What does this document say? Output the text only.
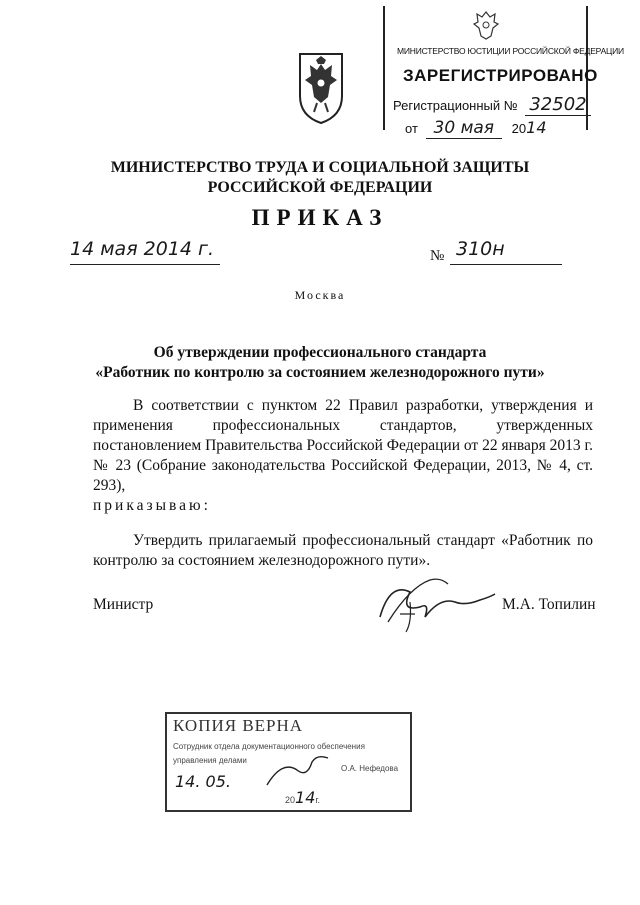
МИНИСТЕРСТВО ЮСТИЦИИ РОССИЙСКОЙ ФЕДЕРАЦИИ
ЗАРЕГИСТРИРОВАНО
Регистрационный № 32502
от 30 мая 2014
МИНИСТЕРСТВО ТРУДА И СОЦИАЛЬНОЙ ЗАЩИТЫ
РОССИЙСКОЙ ФЕДЕРАЦИИ
ПРИКАЗ
14 мая 2014 г.	№ 310н
Москва
Об утверждении профессионального стандарта
«Работник по контролю за состоянием железнодорожного пути»

В соответствии с пунктом 22 Правил разработки, утверждения и применения профессиональных стандартов, утвержденных постановлением Правительства Российской Федерации от 22 января 2013 г. № 23 (Собрание законодательства Российской Федерации, 2013, № 4, ст. 293),
приказываю:

Утвердить прилагаемый профессиональный стандарт «Работник по контролю за состоянием железнодорожного пути».

Министр	М.А. Топилин
КОПИЯ ВЕРНА
Сотрудник отдела документационного обеспечения
управления делами
О.А. Нефедова
14. 05.
2014г.
